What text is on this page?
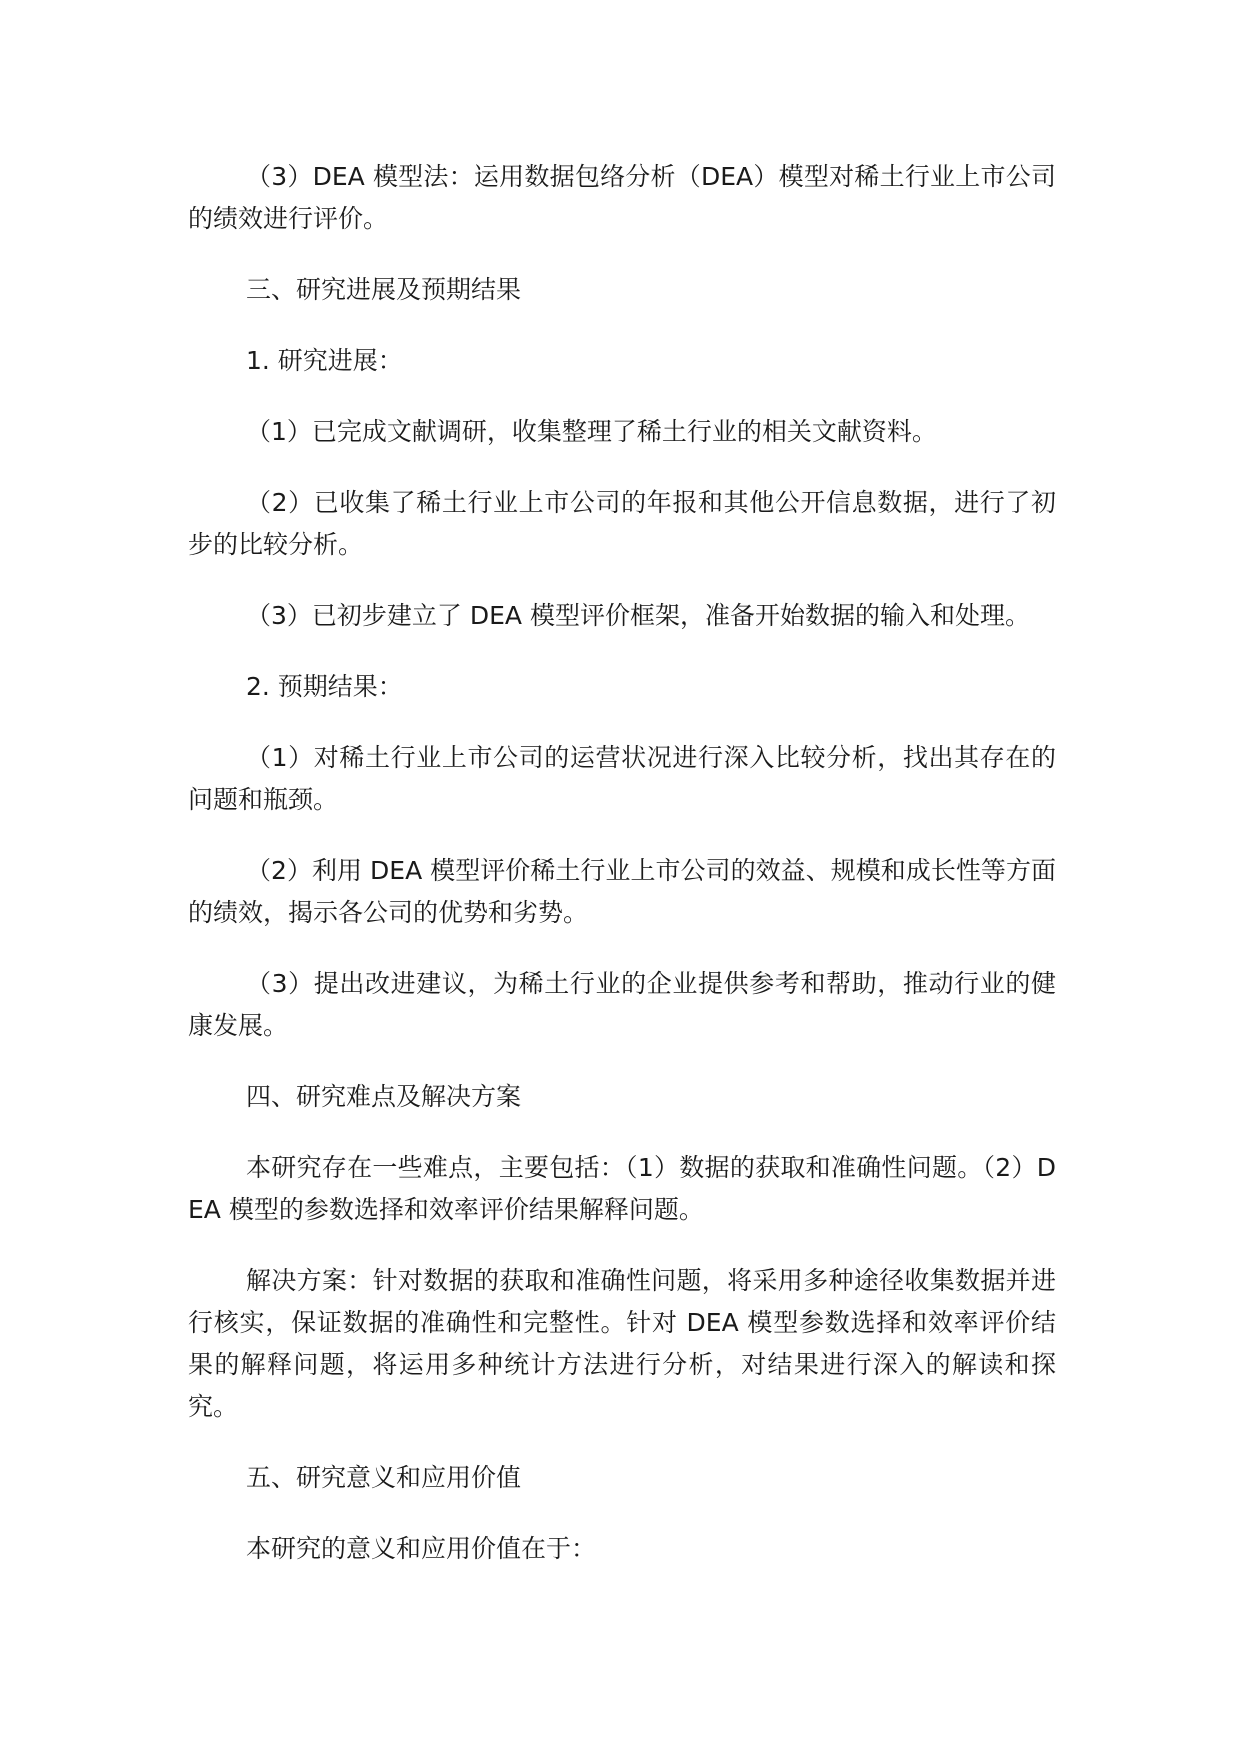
（3）DEA 模型法：运用数据包络分析（DEA）模型对稀土行业上市公司的绩效进行评价。

三、研究进展及预期结果

1. 研究进展：

（1）已完成文献调研，收集整理了稀土行业的相关文献资料。

（2）已收集了稀土行业上市公司的年报和其他公开信息数据，进行了初步的比较分析。

（3）已初步建立了 DEA 模型评价框架，准备开始数据的输入和处理。

2. 预期结果：

（1）对稀土行业上市公司的运营状况进行深入比较分析，找出其存在的问题和瓶颈。

（2）利用 DEA 模型评价稀土行业上市公司的效益、规模和成长性等方面的绩效，揭示各公司的优势和劣势。

（3）提出改进建议，为稀土行业的企业提供参考和帮助，推动行业的健康发展。

四、研究难点及解决方案

本研究存在一些难点，主要包括：（1）数据的获取和准确性问题。（2）DEA 模型的参数选择和效率评价结果解释问题。

解决方案：针对数据的获取和准确性问题，将采用多种途径收集数据并进行核实，保证数据的准确性和完整性。针对 DEA 模型参数选择和效率评价结果的解释问题，将运用多种统计方法进行分析，对结果进行深入的解读和探究。

五、研究意义和应用价值

本研究的意义和应用价值在于：
